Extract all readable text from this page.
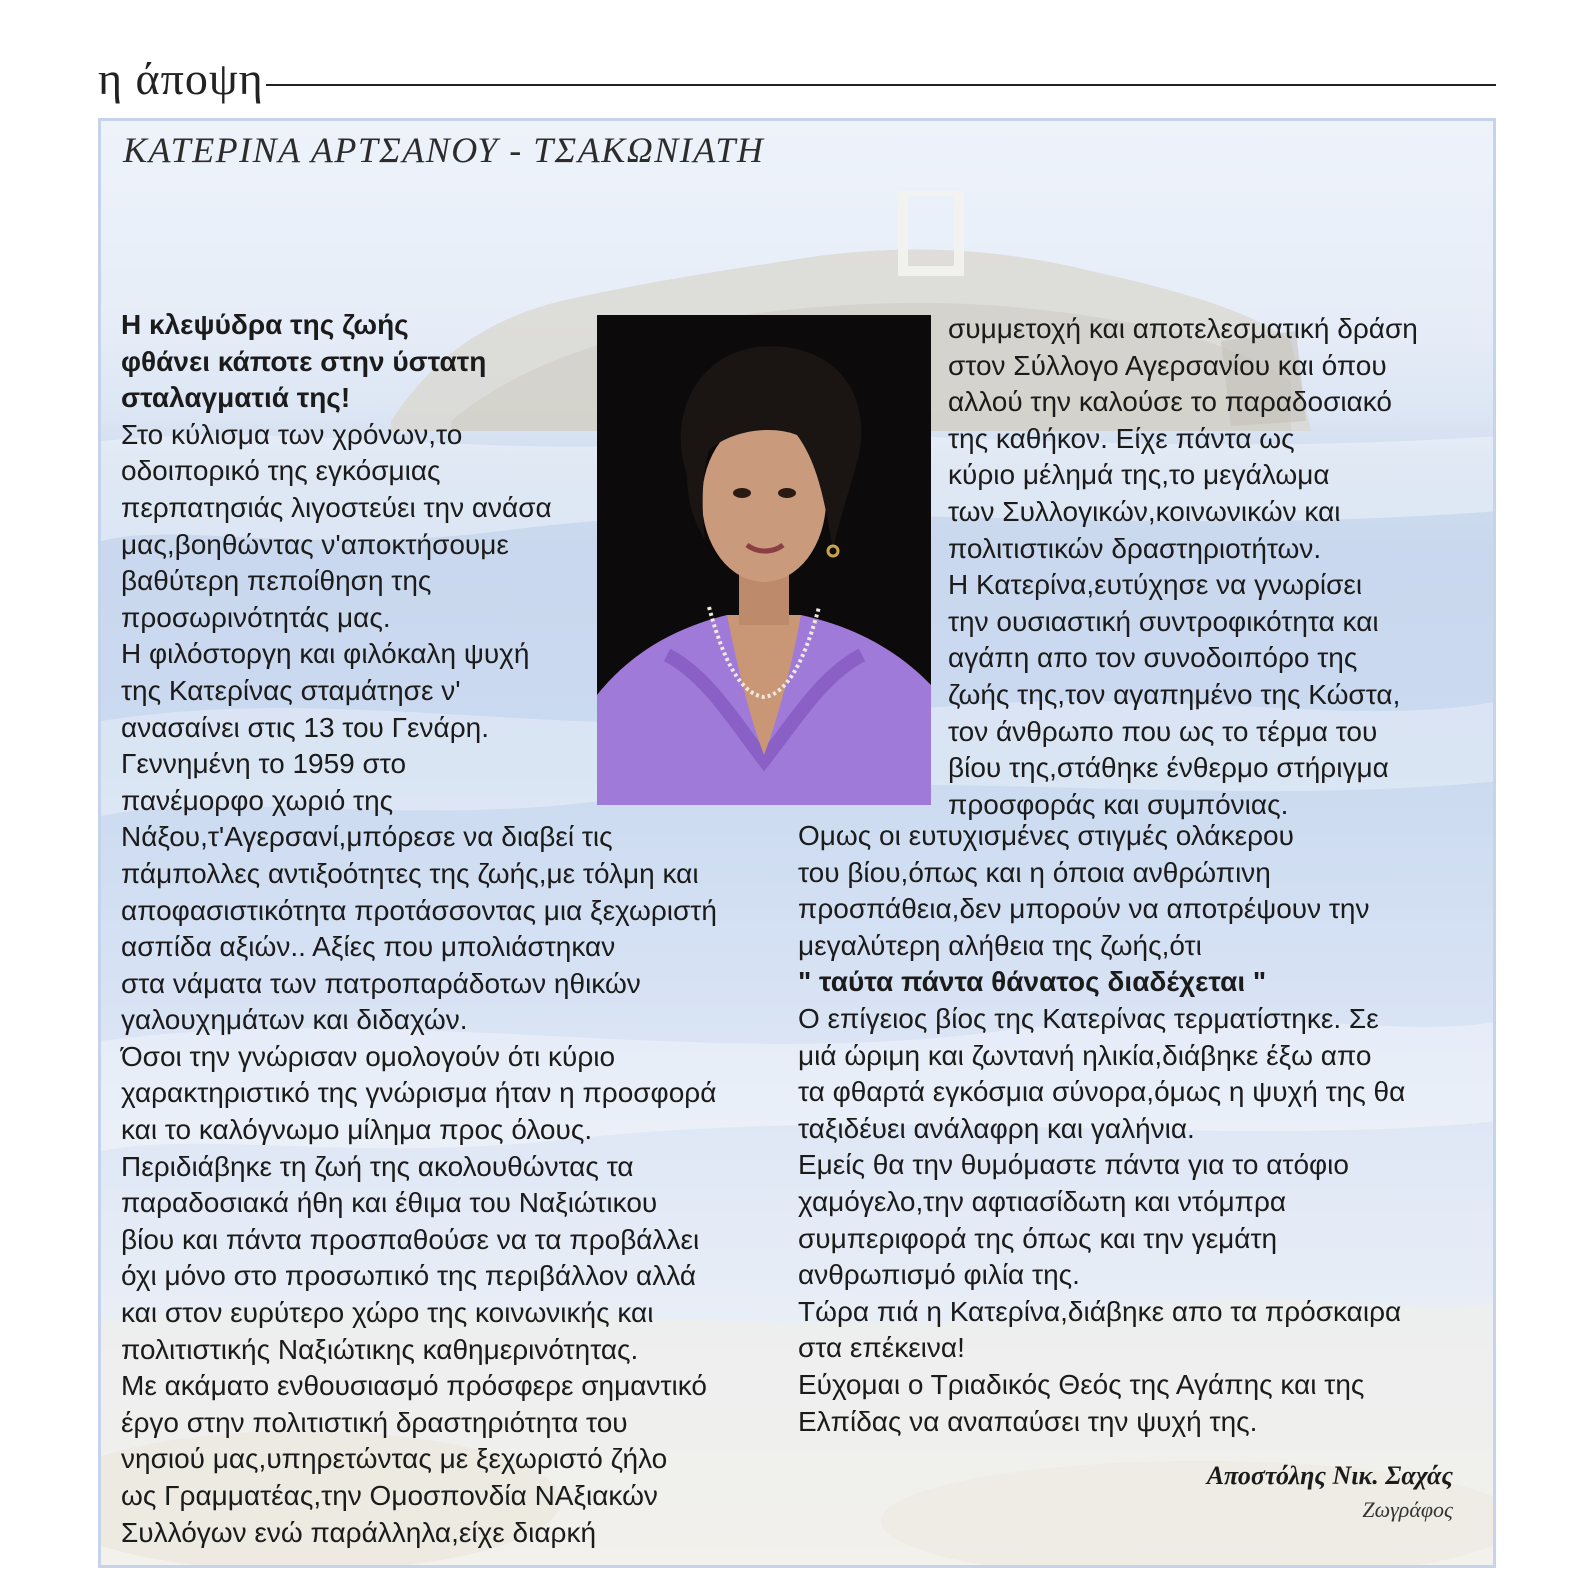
η άποψη
ΚΑΤΕΡΙΝΑ ΑΡΤΣΑΝΟΥ - ΤΣΑΚΩΝΙΑΤΗ

Η κλεψύδρα της ζωής

φθάνει κάποτε στην ύστατη

σταλαγματιά της!

Στο κύλισμα των χρόνων,το

οδοιπορικό της εγκόσμιας

περπατησιάς λιγοστεύει την ανάσα

μας,βοηθώντας ν'αποκτήσουμε

βαθύτερη πεποίθηση της

προσωρινότητάς μας.

Η φιλόστοργη και φιλόκαλη ψυχή

της Κατερίνας σταμάτησε ν'

ανασαίνει στις 13 του Γενάρη.

Γεννημένη το 1959 στο

πανέμορφο χωριό της

Νάξου,τ'Αγερσανί,μπόρεσε να διαβεί τις

πάμπολλες αντιξοότητες της ζωής,με τόλμη και

αποφασιστικότητα προτάσσοντας μια ξεχωριστή

ασπίδα αξιών.. Αξίες που μπολιάστηκαν

στα νάματα των πατροπαράδοτων ηθικών

γαλουχημάτων και διδαχών.

Όσοι την γνώρισαν ομολογούν ότι κύριο

χαρακτηριστικό της γνώρισμα ήταν η προσφορά

και το καλόγνωμο μίλημα προς όλους.

Περιδιάβηκε τη ζωή της ακολουθώντας τα

παραδοσιακά ήθη και έθιμα του Ναξιώτικου

βίου και πάντα προσπαθούσε να τα προβάλλει

όχι μόνο στο προσωπικό της περιβάλλον αλλά

και στον ευρύτερο χώρο της κοινωνικής και

πολιτιστικής Ναξιώτικης καθημερινότητας.

Με ακάματο ενθουσιασμό πρόσφερε σημαντικό

έργο στην πολιτιστική δραστηριότητα του

νησιού μας,υπηρετώντας με ξεχωριστό ζήλο

ως Γραμματέας,την Ομοσπονδία ΝΑξιακών

Συλλόγων ενώ παράλληλα,είχε διαρκή

συμμετοχή και αποτελεσματική δράση

στον Σύλλογο Αγερσανίου και όπου

αλλού την καλούσε το παραδοσιακό

της καθήκον. Είχε πάντα ως

κύριο μέλημά της,το μεγάλωμα

των Συλλογικών,κοινωνικών και

πολιτιστικών δραστηριοτήτων.

Η Κατερίνα,ευτύχησε να γνωρίσει

την ουσιαστική συντροφικότητα και

αγάπη απο τον συνοδοιπόρο της

ζωής της,τον αγαπημένο της Κώστα,

τον άνθρωπο που ως το τέρμα του

βίου της,στάθηκε ένθερμο στήριγμα

προσφοράς και συμπόνιας.

Ομως οι ευτυχισμένες στιγμές ολάκερου

του βίου,όπως και η όποια ανθρώπινη

προσπάθεια,δεν μπορούν να αποτρέψουν την

μεγαλύτερη αλήθεια της ζωής,ότι

" ταύτα πάντα θάνατος διαδέχεται "

Ο επίγειος βίος της Κατερίνας τερματίστηκε. Σε

μιά ώριμη και ζωντανή ηλικία,διάβηκε έξω απο

τα φθαρτά εγκόσμια σύνορα,όμως η ψυχή της θα

ταξιδέυει ανάλαφρη και γαλήνια.

Εμείς θα την θυμόμαστε πάντα για το ατόφιο

χαμόγελο,την αφτιασίδωτη και ντόμπρα

συμπεριφορά της όπως και την γεμάτη

ανθρωπισμό φιλία της.

Τώρα πιά η Κατερίνα,διάβηκε απο τα πρόσκαιρα

στα επέκεινα!

Εύχομαι ο Τριαδικός Θεός της Αγάπης και της

Ελπίδας να αναπαύσει την ψυχή της.

Αποστόλης Νικ. Σαχάς
Ζωγράφος
